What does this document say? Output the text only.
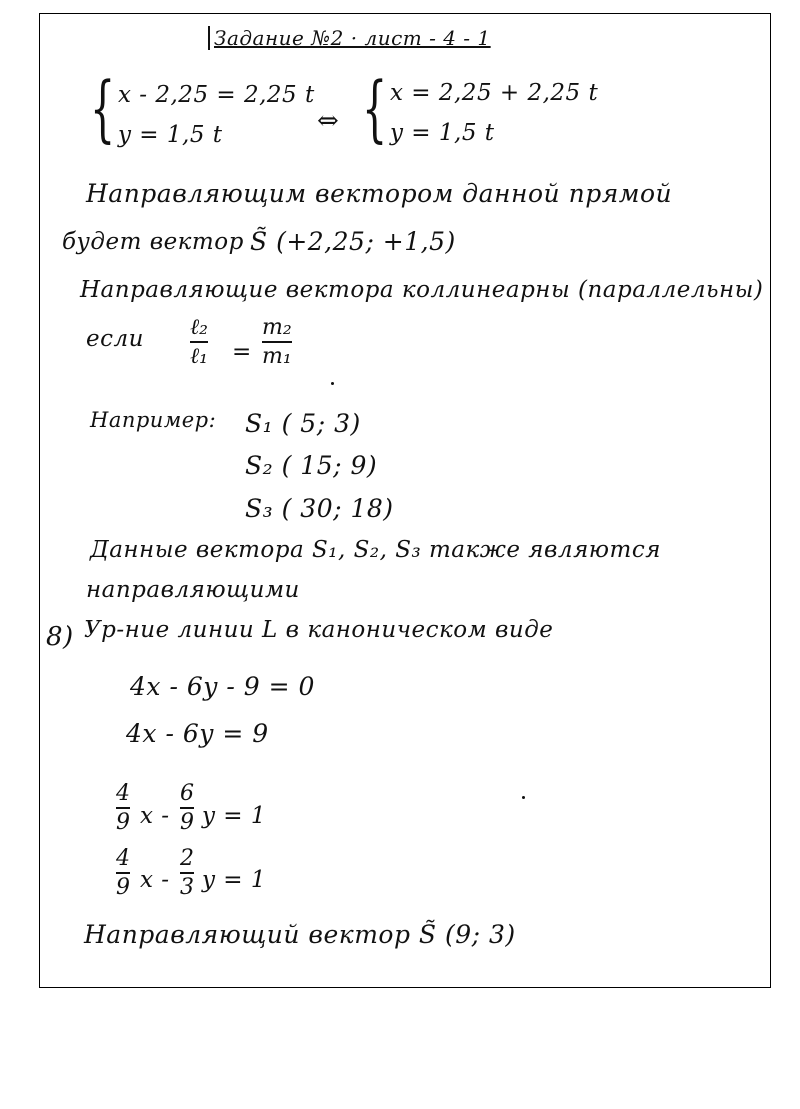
Задание №2 · лист - 4 - 1
{ x - 2,25 = 2,25 t
y = 1,5 t	⇔ { x = 2,25 + 2,25 t
y = 1,5 t
Направляющим вектором данной прямой
будет вектор S̃ (+2,25; +1,5)
Направляющие вектора коллинеарны (параллельны)
если ℓ₂
ℓ₁ =
m₂
m₁
Например: S₁ ( 5; 3)
S₂ ( 15; 9)
S₃ ( 30; 18)
Данные вектора S₁, S₂, S₃ также являются
направляющими
8) Ур-ние линии L в каноническом виде
4x - 6y - 9 = 0
4x - 6y = 9
4
9 x -
6
9 y = 1
4
9 x -
2
3 y = 1
Направляющий вектор S̃ (9; 3)
